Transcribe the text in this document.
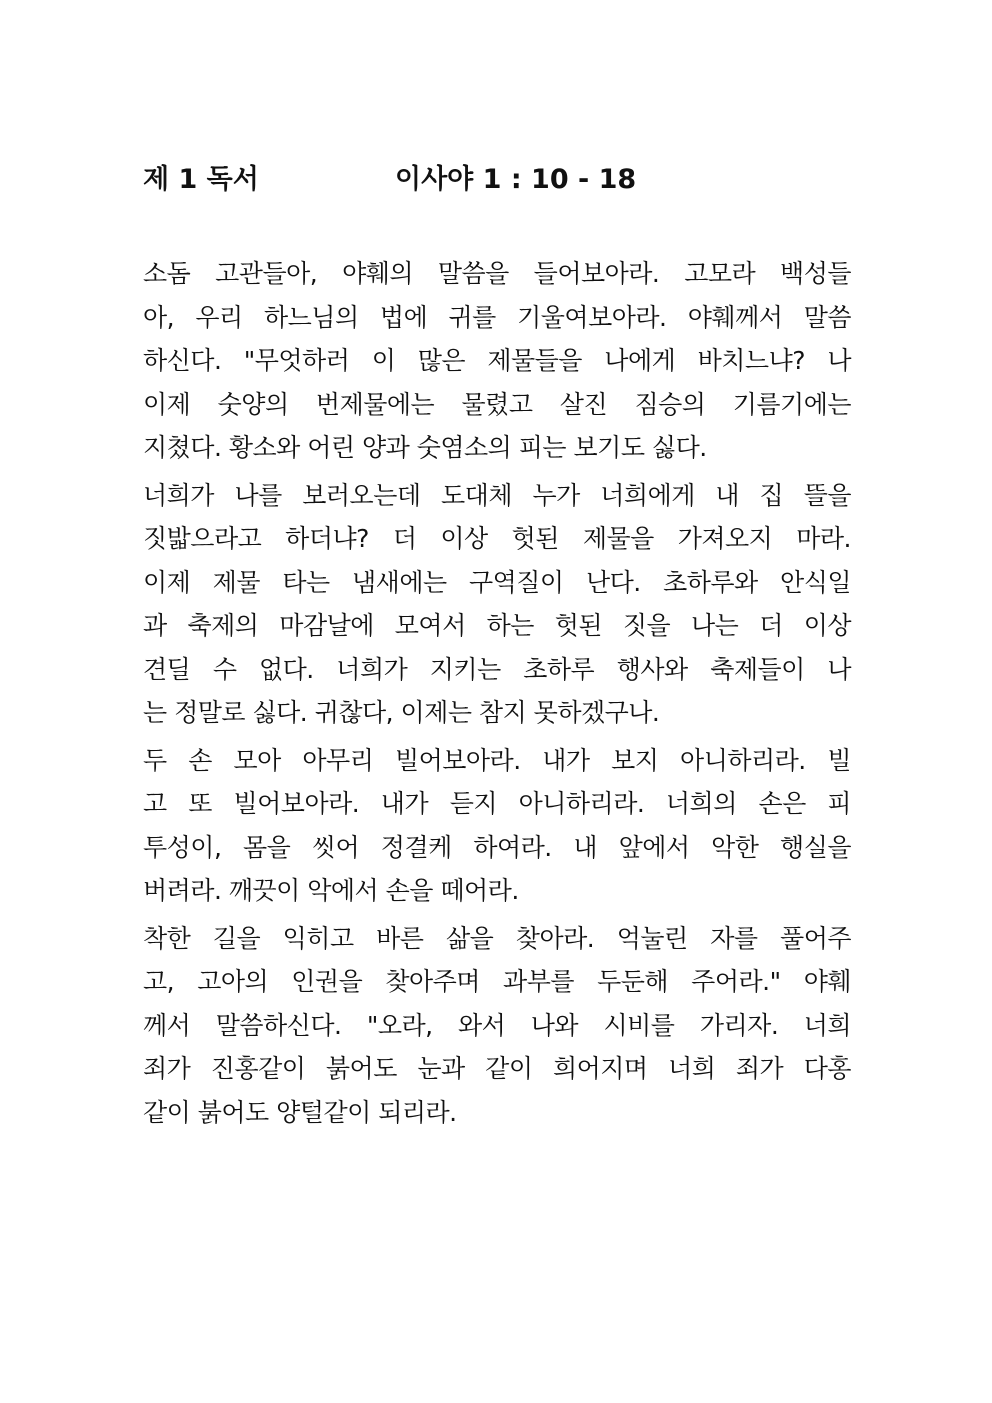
제 1 독서	이사야 1 : 10 - 18
소돔 고관들아, 야훼의 말씀을 들어보아라. 고모라 백성들
아, 우리 하느님의 법에 귀를 기울여보아라. 야훼께서 말씀
하신다. "무엇하러 이 많은 제물들을 나에게 바치느냐? 나
이제 숫양의 번제물에는 물렸고 살진 짐승의 기름기에는
지쳤다. 황소와 어린 양과 숫염소의 피는 보기도 싫다.
너희가 나를 보러오는데 도대체 누가 너희에게 내 집 뜰을
짓밟으라고 하더냐? 더 이상 헛된 제물을 가져오지 마라.
이제 제물 타는 냄새에는 구역질이 난다. 초하루와 안식일
과 축제의 마감날에 모여서 하는 헛된 짓을 나는 더 이상
견딜 수 없다. 너희가 지키는 초하루 행사와 축제들이 나
는 정말로 싫다. 귀찮다, 이제는 참지 못하겠구나.
두 손 모아 아무리 빌어보아라. 내가 보지 아니하리라. 빌
고 또 빌어보아라. 내가 듣지 아니하리라. 너희의 손은 피
투성이, 몸을 씻어 정결케 하여라. 내 앞에서 악한 행실을
버려라. 깨끗이 악에서 손을 떼어라.
착한 길을 익히고 바른 삶을 찾아라. 억눌린 자를 풀어주
고, 고아의 인권을 찾아주며 과부를 두둔해 주어라." 야훼
께서 말씀하신다. "오라, 와서 나와 시비를 가리자. 너희
죄가 진홍같이 붉어도 눈과 같이 희어지며 너희 죄가 다홍
같이 붉어도 양털같이 되리라.
